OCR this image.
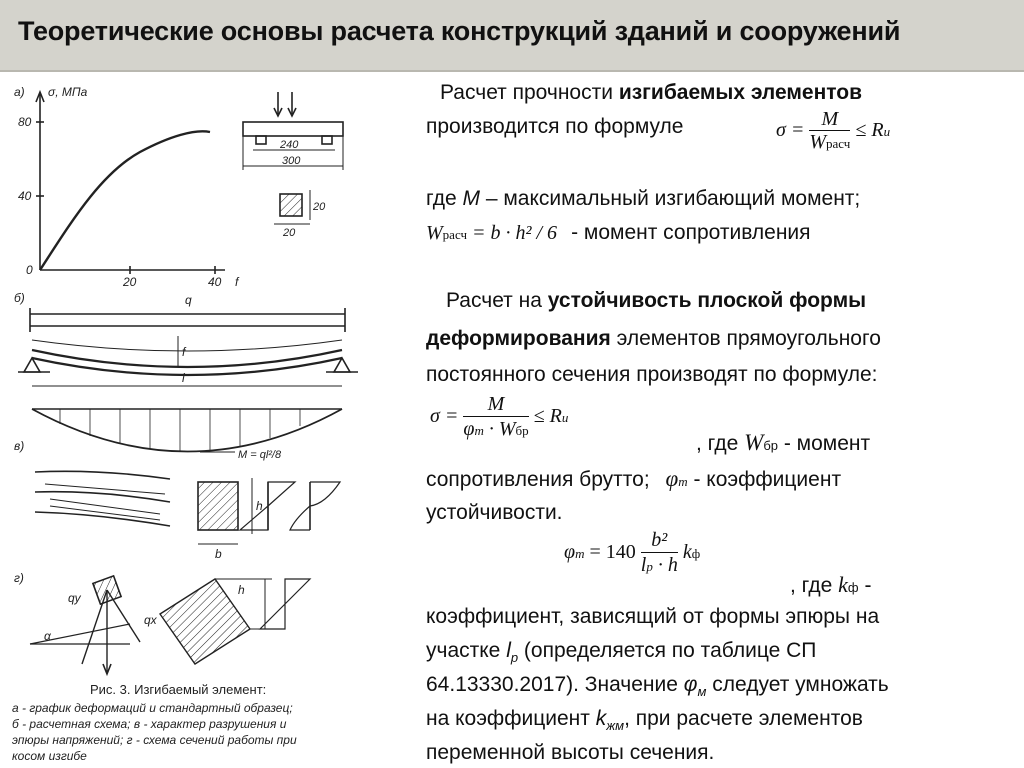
Теоретические основы расчета конструкций зданий и сооружений
а) σ, МПа
80
40
0
20	40 f
240
300
20
20
б)	q
f
l
M = ql²/8
в)
h
b
г)
qy
qx
α
h
Рис. 3. Изгибаемый элемент:
а - график деформаций и стандартный образец;
б - расчетная схема; в - характер разрушения и
эпюры напряжений; г - схема сечений работы при
косом изгибе
Расчет прочности изгибаемых элементов
производится по формуле	σ =
M
Wрасч
≤ Rи
где М – максимальный изгибающий момент;
Wрасч = b · h² / 6 - момент сопротивления
Расчет на устойчивость плоской формы
деформирования элементов прямоугольного
постоянного сечения производят по формуле:
σ =
M
φm · Wбр
≤ Rи
, где Wбр - момент
сопротивления брутто; φm - коэффициент
устойчивости.
$\varphi m = 140 \frac{\text{b²}}{lp \cdot h}$ kф
, где kф -
коэффициент, зависящий от формы эпюры на
участке $l_p$ (определяется по таблице СП
64.13330.2017). Значение $\varphi_м$ следует умножать
на коэффициент $k_{жм}$, при расчете элементов
переменной высоты сечения.
